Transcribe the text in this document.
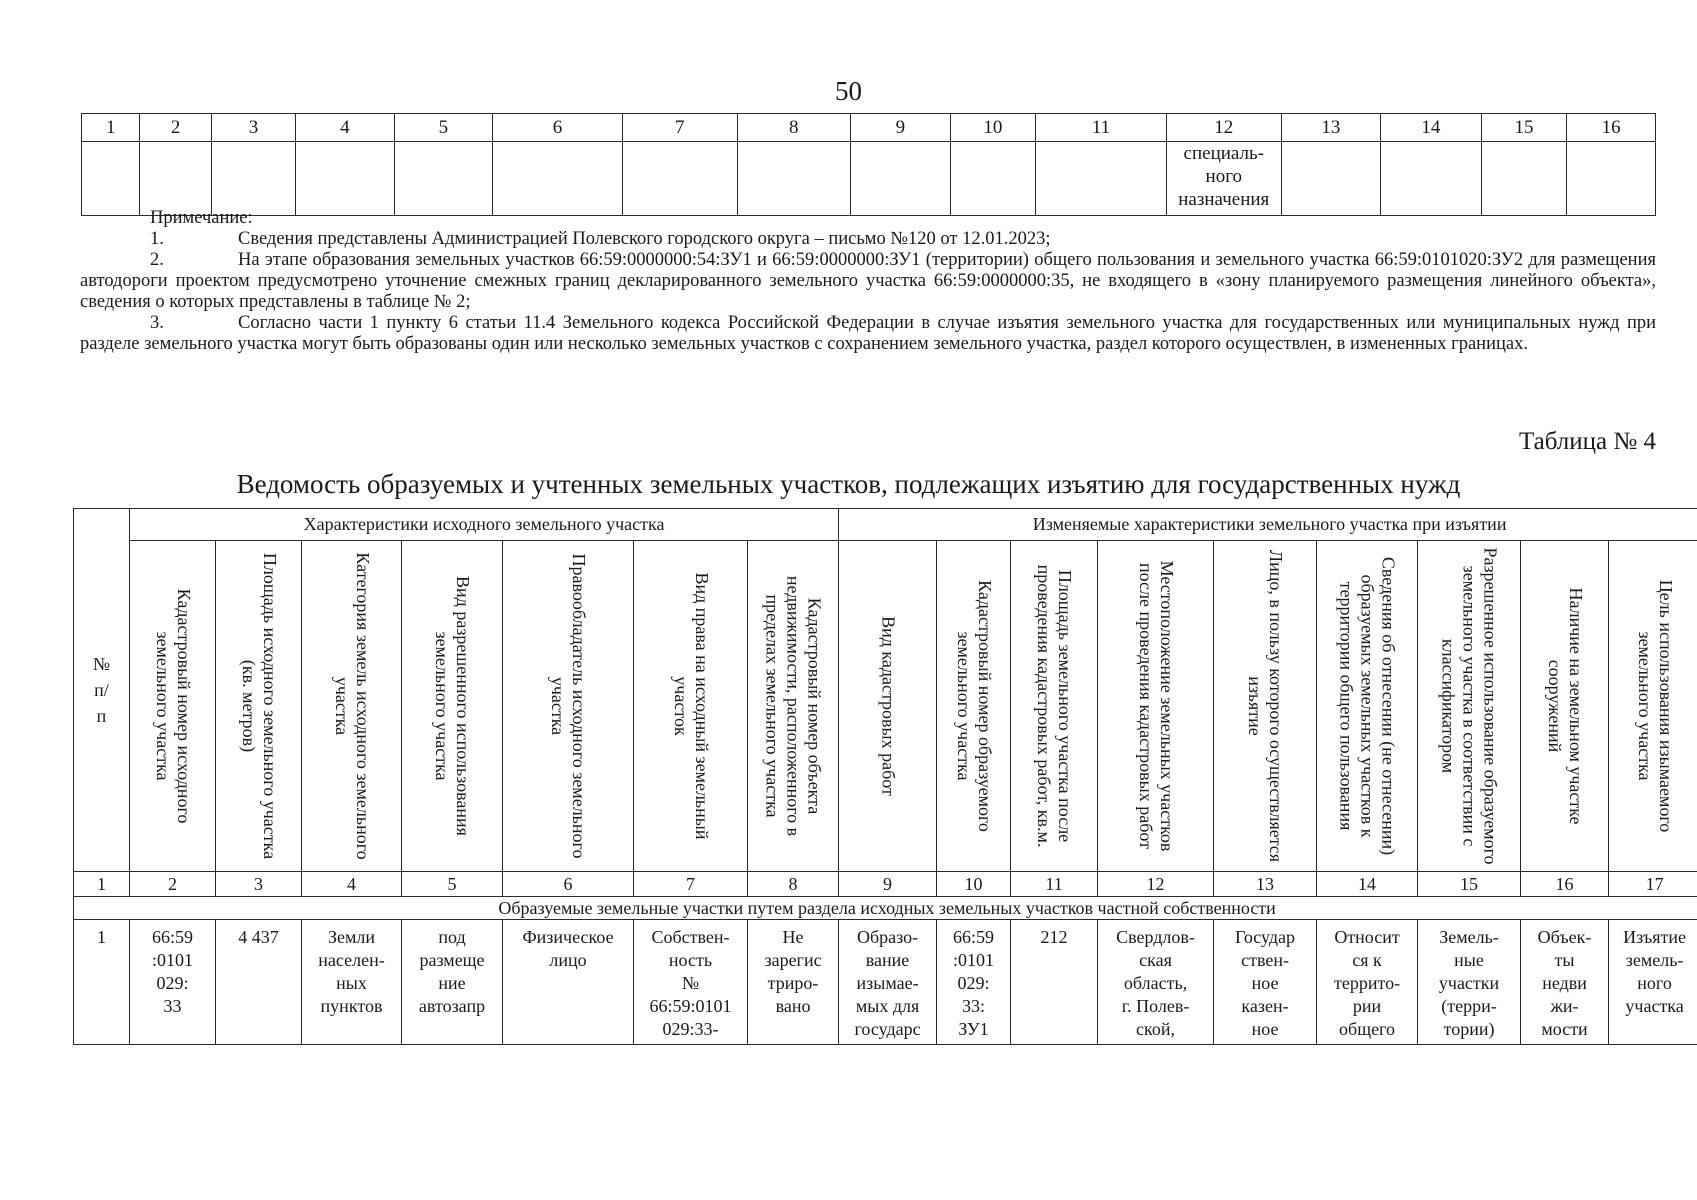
50
1	2	3	4	5	6	7	8	9	10	11	12	13	14	15	16
											специаль-
ного
назначения				
Примечание:
1.	Сведения представлены Администрацией Полевского городского округа – письмо №120 от 12.01.2023;
2.	На этапе образования земельных участков 66:59:0000000:54:ЗУ1 и 66:59:0000000:ЗУ1 (территории) общего пользования и земельного участка 66:59:0101020:ЗУ2 для размещения автодороги проектом предусмотрено уточнение смежных границ декларированного земельного участка 66:59:0000000:35, не входящего в «зону планируемого размещения линейного объекта», сведения о которых представлены в таблице № 2;
3.	Согласно части 1 пункту 6 статьи 11.4 Земельного кодекса Российской Федерации в случае изъятия земельного участка для государственных или муниципальных нужд при разделе земельного участка могут быть образованы один или несколько земельных участков с сохранением земельного участка, раздел которого осуществлен, в измененных границах.
Таблица № 4
Ведомость образуемых и учтенных земельных участков, подлежащих изъятию для государственных нужд
№
п/
п	Характеристики исходного земельного участка							Изменяемые характеристики земельного участка при изъятии								

	Кадастровый номер исходного земельного участка	Площадь исходного земельного участка (кв. метров)	Категория земель исходного земельного участка	Вид разрешенного использования земельного участка	Правообладатель исходного земельного участка	Вид права на исходный земельный участок	Кадастровый номер объекта недвижимости, расположенного в пределах земельного участка	Вид кадастровых работ	Кадастровый номер образуемого земельного участка	Площадь земельного участка после проведения кадастровых работ, кв.м.	Местоположение земельных участков после проведения кадастровых работ	Лицо, в пользу которого осуществляется изъятие	Сведения об отнесении (не отнесении) образуемых земельных участков к территории общего пользования	Разрешенное использование образуемого земельного участка в соответствии с классификатором	Наличие на земельном участке сооружений	Цель использования изымаемого земельного участка

1	2	3	4	5	6	7	8	9	10	11	12	13	14	15	16	17
Образуемые земельные участки путем раздела исходных земельных участков частной собственности																
1	66:59
:0101
029:
33	4 437	Земли
населен-
ных
пунктов	под
размеще
ние
автозапр	Физическое
лицо	Собствен-
ность
№
66:59:0101
029:33-	Не
зарегис
триро-
вано	Образо-
вание
изымае-
мых для
государс	66:59
:0101
029:
33:
ЗУ1	212	Свердлов-
ская
область,
г. Полев-
ской,	Государ
ствен-
ное
казен-
ное	Относит
ся к
террито-
рии
общего	Земель-
ные
участки
(терри-
тории)	Объек-
ты
недви
жи-
мости	Изъятие
земель-
ного
участка
